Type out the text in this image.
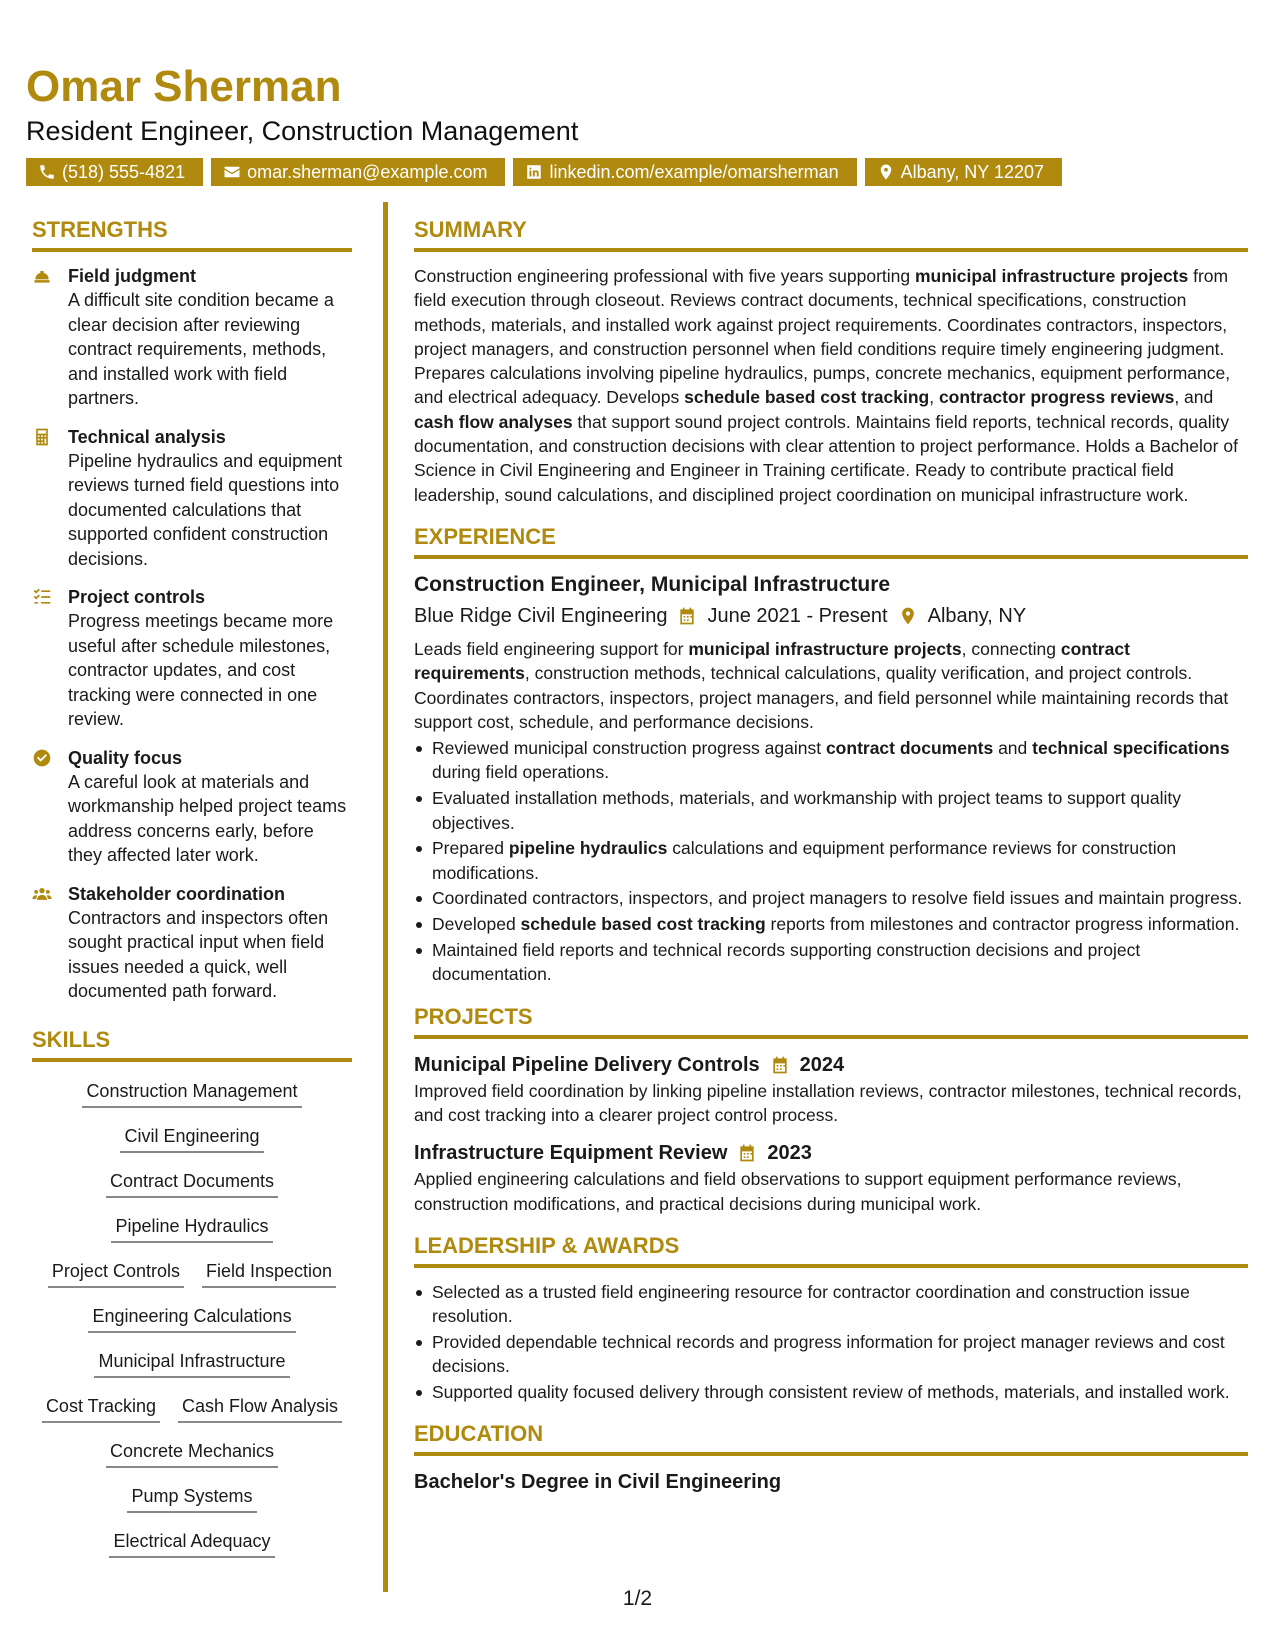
Omar Sherman
Resident Engineer, Construction Management
(518) 555-4821	omar.sherman@example.com	linkedin.com/example/omarsherman	Albany, NY 12207
STRENGTHS
Field judgment
A difficult site condition became a clear decision after reviewing contract requirements, methods, and installed work with field partners.
Technical analysis
Pipeline hydraulics and equipment reviews turned field questions into documented calculations that supported confident construction decisions.
Project controls
Progress meetings became more useful after schedule milestones, contractor updates, and cost tracking were connected in one review.
Quality focus
A careful look at materials and workmanship helped project teams address concerns early, before they affected later work.
Stakeholder coordination
Contractors and inspectors often sought practical input when field issues needed a quick, well documented path forward.
SKILLS
Construction Management
Civil Engineering
Contract Documents
Pipeline Hydraulics
Project Controls Field Inspection
Engineering Calculations
Municipal Infrastructure
Cost Tracking Cash Flow Analysis
Concrete Mechanics
Pump Systems
Electrical Adequacy
SUMMARY

Construction engineering professional with five years supporting municipal infrastructure projects from field execution through closeout. Reviews contract documents, technical specifications, construction methods, materials, and installed work against project requirements. Coordinates contractors, inspectors, project managers, and construction personnel when field conditions require timely engineering judgment. Prepares calculations involving pipeline hydraulics, pumps, concrete mechanics, equipment performance, and electrical adequacy. Develops schedule based cost tracking, contractor progress reviews, and cash flow analyses that support sound project controls. Maintains field reports, technical records, quality documentation, and construction decisions with clear attention to project performance. Holds a Bachelor of Science in Civil Engineering and Engineer in Training certificate. Ready to contribute practical field leadership, sound calculations, and disciplined project coordination on municipal infrastructure work.

EXPERIENCE
Construction Engineer, Municipal Infrastructure
Blue Ridge Civil Engineering June 2021 - Present Albany, NY

Leads field engineering support for municipal infrastructure projects, connecting contract requirements, construction methods, technical calculations, quality verification, and project controls. Coordinates contractors, inspectors, project managers, and field personnel while maintaining records that support cost, schedule, and performance decisions.

Reviewed municipal construction progress against contract documents and technical specifications during field operations.
Evaluated installation methods, materials, and workmanship with project teams to support quality objectives.
Prepared pipeline hydraulics calculations and equipment performance reviews for construction modifications.
Coordinated contractors, inspectors, and project managers to resolve field issues and maintain progress.
Developed schedule based cost tracking reports from milestones and contractor progress information.
Maintained field reports and technical records supporting construction decisions and project documentation.
PROJECTS
Municipal Pipeline Delivery Controls 2024

Improved field coordination by linking pipeline installation reviews, contractor milestones, technical records, and cost tracking into a clearer project control process.

Infrastructure Equipment Review 2023

Applied engineering calculations and field observations to support equipment performance reviews, construction modifications, and practical decisions during municipal work.

LEADERSHIP & AWARDS
Selected as a trusted field engineering resource for contractor coordination and construction issue resolution.
Provided dependable technical records and progress information for project manager reviews and cost decisions.
Supported quality focused delivery through consistent review of methods, materials, and installed work.
EDUCATION
Bachelor's Degree in Civil Engineering
1/2
